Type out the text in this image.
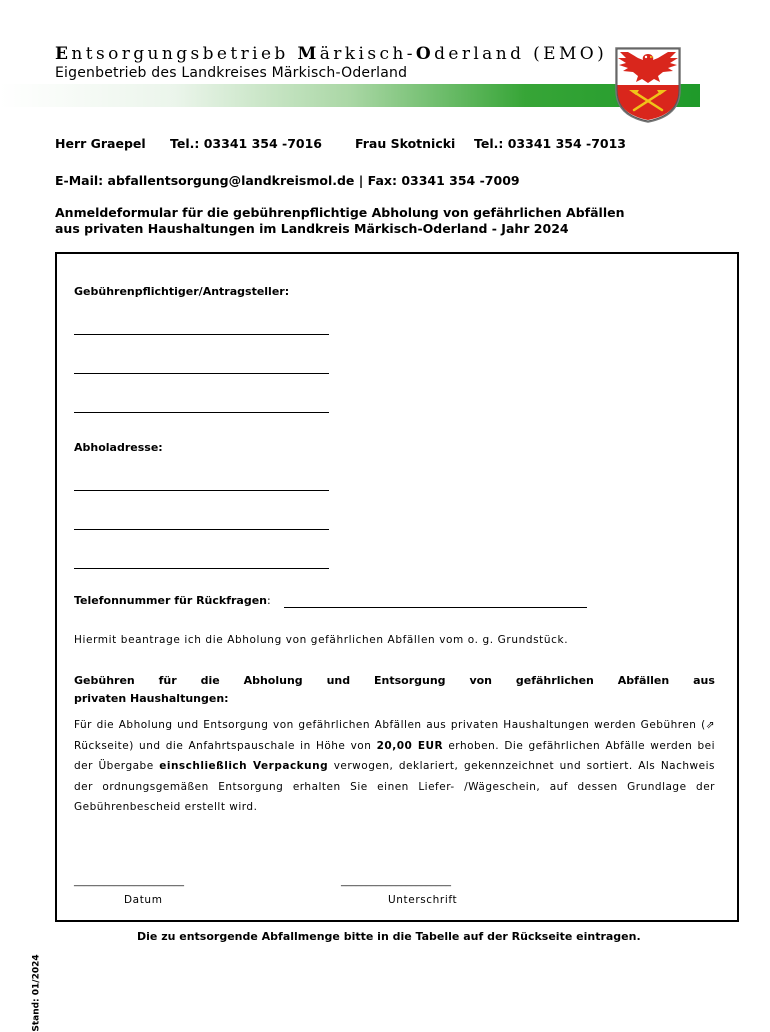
Entsorgungsbetrieb Märkisch-Oderland (EMO)
Eigenbetrieb des Landkreises Märkisch-Oderland
Herr Graepel Tel.: 03341 354 -7016	Frau Skotnicki Tel.: 03341 354 -7013
E-Mail: abfallentsorgung@landkreismol.de | Fax: 03341 354 -7009
Anmeldeformular für die gebührenpflichtige Abholung von gefährlichen Abfällen
aus privaten Haushaltungen im Landkreis Märkisch-Oderland - Jahr 2024
Gebührenpflichtiger/Antragsteller:
Abholadresse:
Telefonnummer für Rückfragen:
Hiermit beantrage ich die Abholung von gefährlichen Abfällen vom o. g. Grundstück.
Gebühren für die Abholung und Entsorgung von gefährlichen Abfällen aus
privaten Haushaltungen:
Für die Abholung und Entsorgung von gefährlichen Abfällen aus privaten Haushaltungen werden Gebühren (⇗ Rückseite) und die Anfahrtspauschale in Höhe von 20,00 EUR erhoben. Die gefährlichen Abfälle werden bei der Übergabe einschließlich Verpackung verwogen, deklariert, gekennzeichnet und sortiert. Als Nachweis der ordnungsgemäßen Entsorgung erhalten Sie einen Liefer- /Wägeschein, auf dessen Grundlage der Gebührenbescheid erstellt wird.
______________________
Datum
______________________
Unterschrift
Die zu entsorgende Abfallmenge bitte in die Tabelle auf der Rückseite eintragen.
Stand: 01/2024
